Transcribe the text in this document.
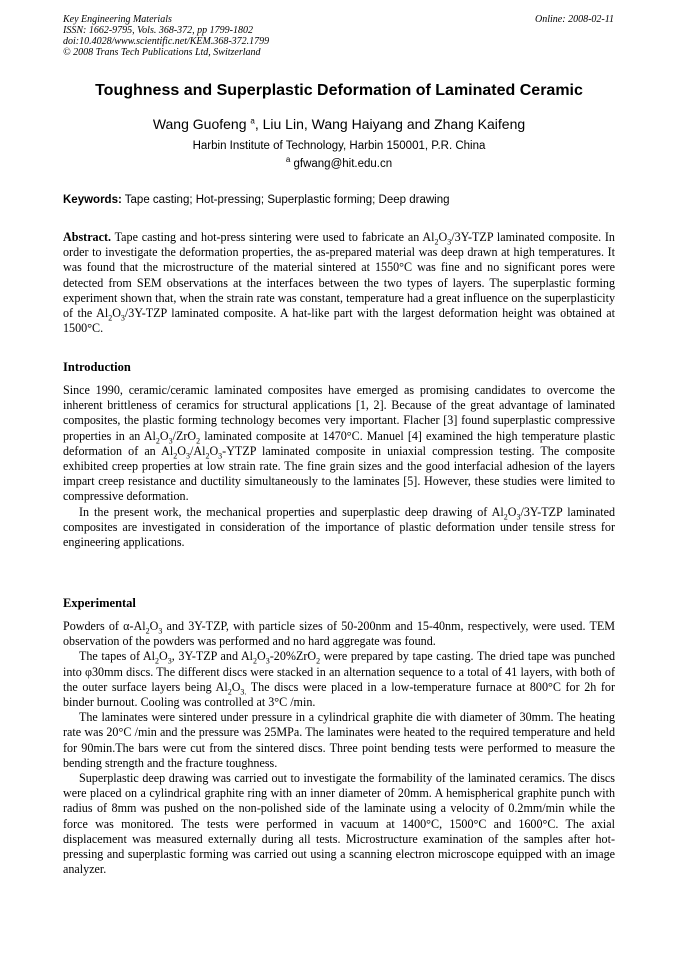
Key Engineering Materials
ISSN: 1662-9795, Vols. 368-372, pp 1799-1802
doi:10.4028/www.scientific.net/KEM.368-372.1799
© 2008 Trans Tech Publications Ltd, Switzerland
Online: 2008-02-11
Toughness and Superplastic Deformation of Laminated Ceramic
Wang Guofeng $^a$, Liu Lin, Wang Haiyang and Zhang Kaifeng
Harbin Institute of Technology, Harbin 150001, P.R. China
$^a$ gfwang@hit.edu.cn
Keywords: Tape casting; Hot-pressing; Superplastic forming; Deep drawing

Abstract. Tape casting and hot-press sintering were used to fabricate an $Al_2O_3/3Y$-TZP laminated composite. In order to investigate the deformation properties, the as-prepared material was deep drawn at high temperatures. It was found that the microstructure of the material sintered at 1550°C was fine and no significant pores were detected from SEM observations at the interfaces between the two types of layers. The superplastic forming experiment shown that, when the strain rate was constant, temperature had a great influence on the superplasticity of the $Al_2O_3/3Y$-TZP laminated composite. A hat-like part with the largest deformation height was obtained at 1500°C.

Introduction

Since 1990, ceramic/ceramic laminated composites have emerged as promising candidates to overcome the inherent brittleness of ceramics for structural applications [1, 2]. Because of the great advantage of laminated composites, the plastic forming technology becomes very important. Flacher [3] found superplastic compressive properties in an $Al_2O_3/ZrO_2$ laminated composite at 1470°C. Manuel [4] examined the high temperature plastic deformation of an $Al_2O_3/Al_2O_3$-YTZP laminated composite in uniaxial compression testing. The composite exhibited creep properties at low strain rate. The fine grain sizes and the good interfacial adhesion of the layers impart creep resistance and ductility simultaneously to the laminates [5]. However, these studies were limited to compressive deformation.

In the present work, the mechanical properties and superplastic deep drawing of $Al_2O_3/3Y$-TZP laminated composites are investigated in consideration of the importance of plastic deformation under tensile stress for engineering applications.

Experimental

Powders of $\alpha-Al_2O_3$ and 3Y-TZP, with particle sizes of 50-200nm and 15-40nm, respectively, were used. TEM observation of the powders was performed and no hard aggregate was found.

The tapes of $Al_2O_3$, 3Y-TZP and $Al_2O_3-20\%ZrO_2$ were prepared by tape casting. The dried tape was punched into φ30mm discs. The different discs were stacked in an alternation sequence to a total of 41 layers, with both of the outer surface layers being $Al_2O_{3.}$ The discs were placed in a low-temperature furnace at 800°C for 2h for binder burnout. Cooling was controlled at 3°C /min.

The laminates were sintered under pressure in a cylindrical graphite die with diameter of 30mm. The heating rate was 20°C /min and the pressure was 25MPa. The laminates were heated to the required temperature and held for 90min.The bars were cut from the sintered discs. Three point bending tests were performed to measure the bending strength and the fracture toughness.

Superplastic deep drawing was carried out to investigate the formability of the laminated ceramics. The discs were placed on a cylindrical graphite ring with an inner diameter of 20mm. A hemispherical graphite punch with radius of 8mm was pushed on the non-polished side of the laminate using a velocity of 0.2mm/min while the force was monitored. The tests were performed in vacuum at 1400°C, 1500°C and 1600°C. The axial displacement was measured externally during all tests. Microstructure examination of the samples after hot-pressing and superplastic forming was carried out using a scanning electron microscope equipped with an image analyzer.
